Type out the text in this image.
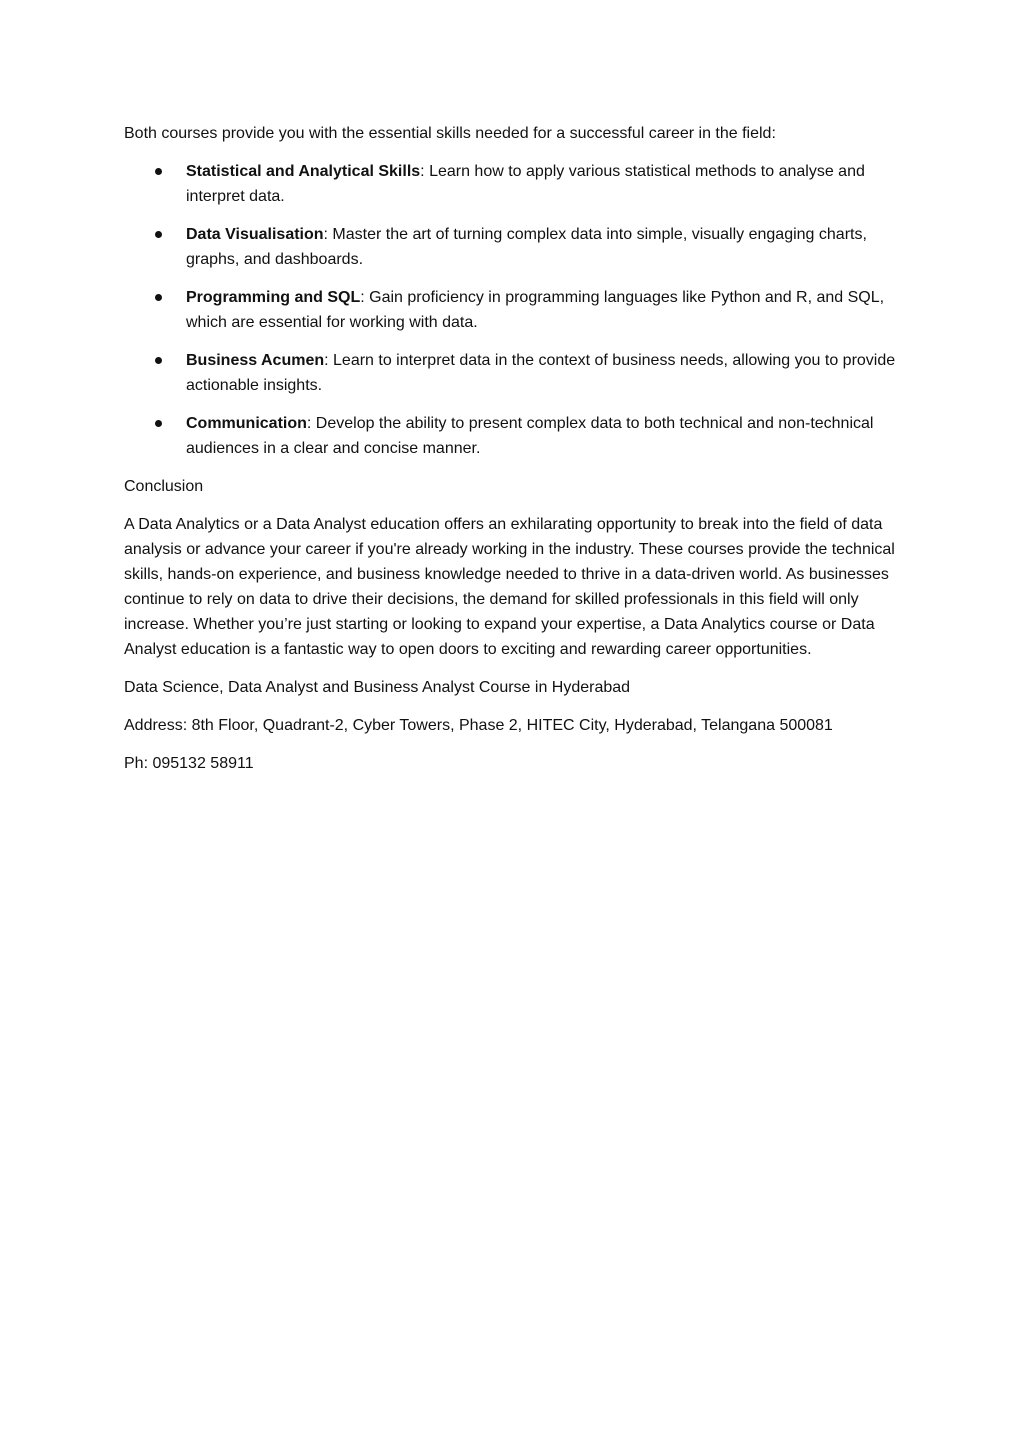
Both courses provide you with the essential skills needed for a successful career in the field:

Statistical and Analytical Skills: Learn how to apply various statistical methods to analyse and interpret data.
Data Visualisation: Master the art of turning complex data into simple, visually engaging charts, graphs, and dashboards.
Programming and SQL: Gain proficiency in programming languages like Python and R, and SQL, which are essential for working with data.
Business Acumen: Learn to interpret data in the context of business needs, allowing you to provide actionable insights.
Communication: Develop the ability to present complex data to both technical and non-technical audiences in a clear and concise manner.

Conclusion

A Data Analytics or a Data Analyst education offers an exhilarating opportunity to break into the field of data analysis or advance your career if you're already working in the industry. These courses provide the technical skills, hands-on experience, and business knowledge needed to thrive in a data-driven world. As businesses continue to rely on data to drive their decisions, the demand for skilled professionals in this field will only increase. Whether you’re just starting or looking to expand your expertise, a Data Analytics course or Data Analyst education is a fantastic way to open doors to exciting and rewarding career opportunities.

Data Science, Data Analyst and Business Analyst Course in Hyderabad

Address: 8th Floor, Quadrant-2, Cyber Towers, Phase 2, HITEC City, Hyderabad, Telangana 500081

Ph: 095132 58911
